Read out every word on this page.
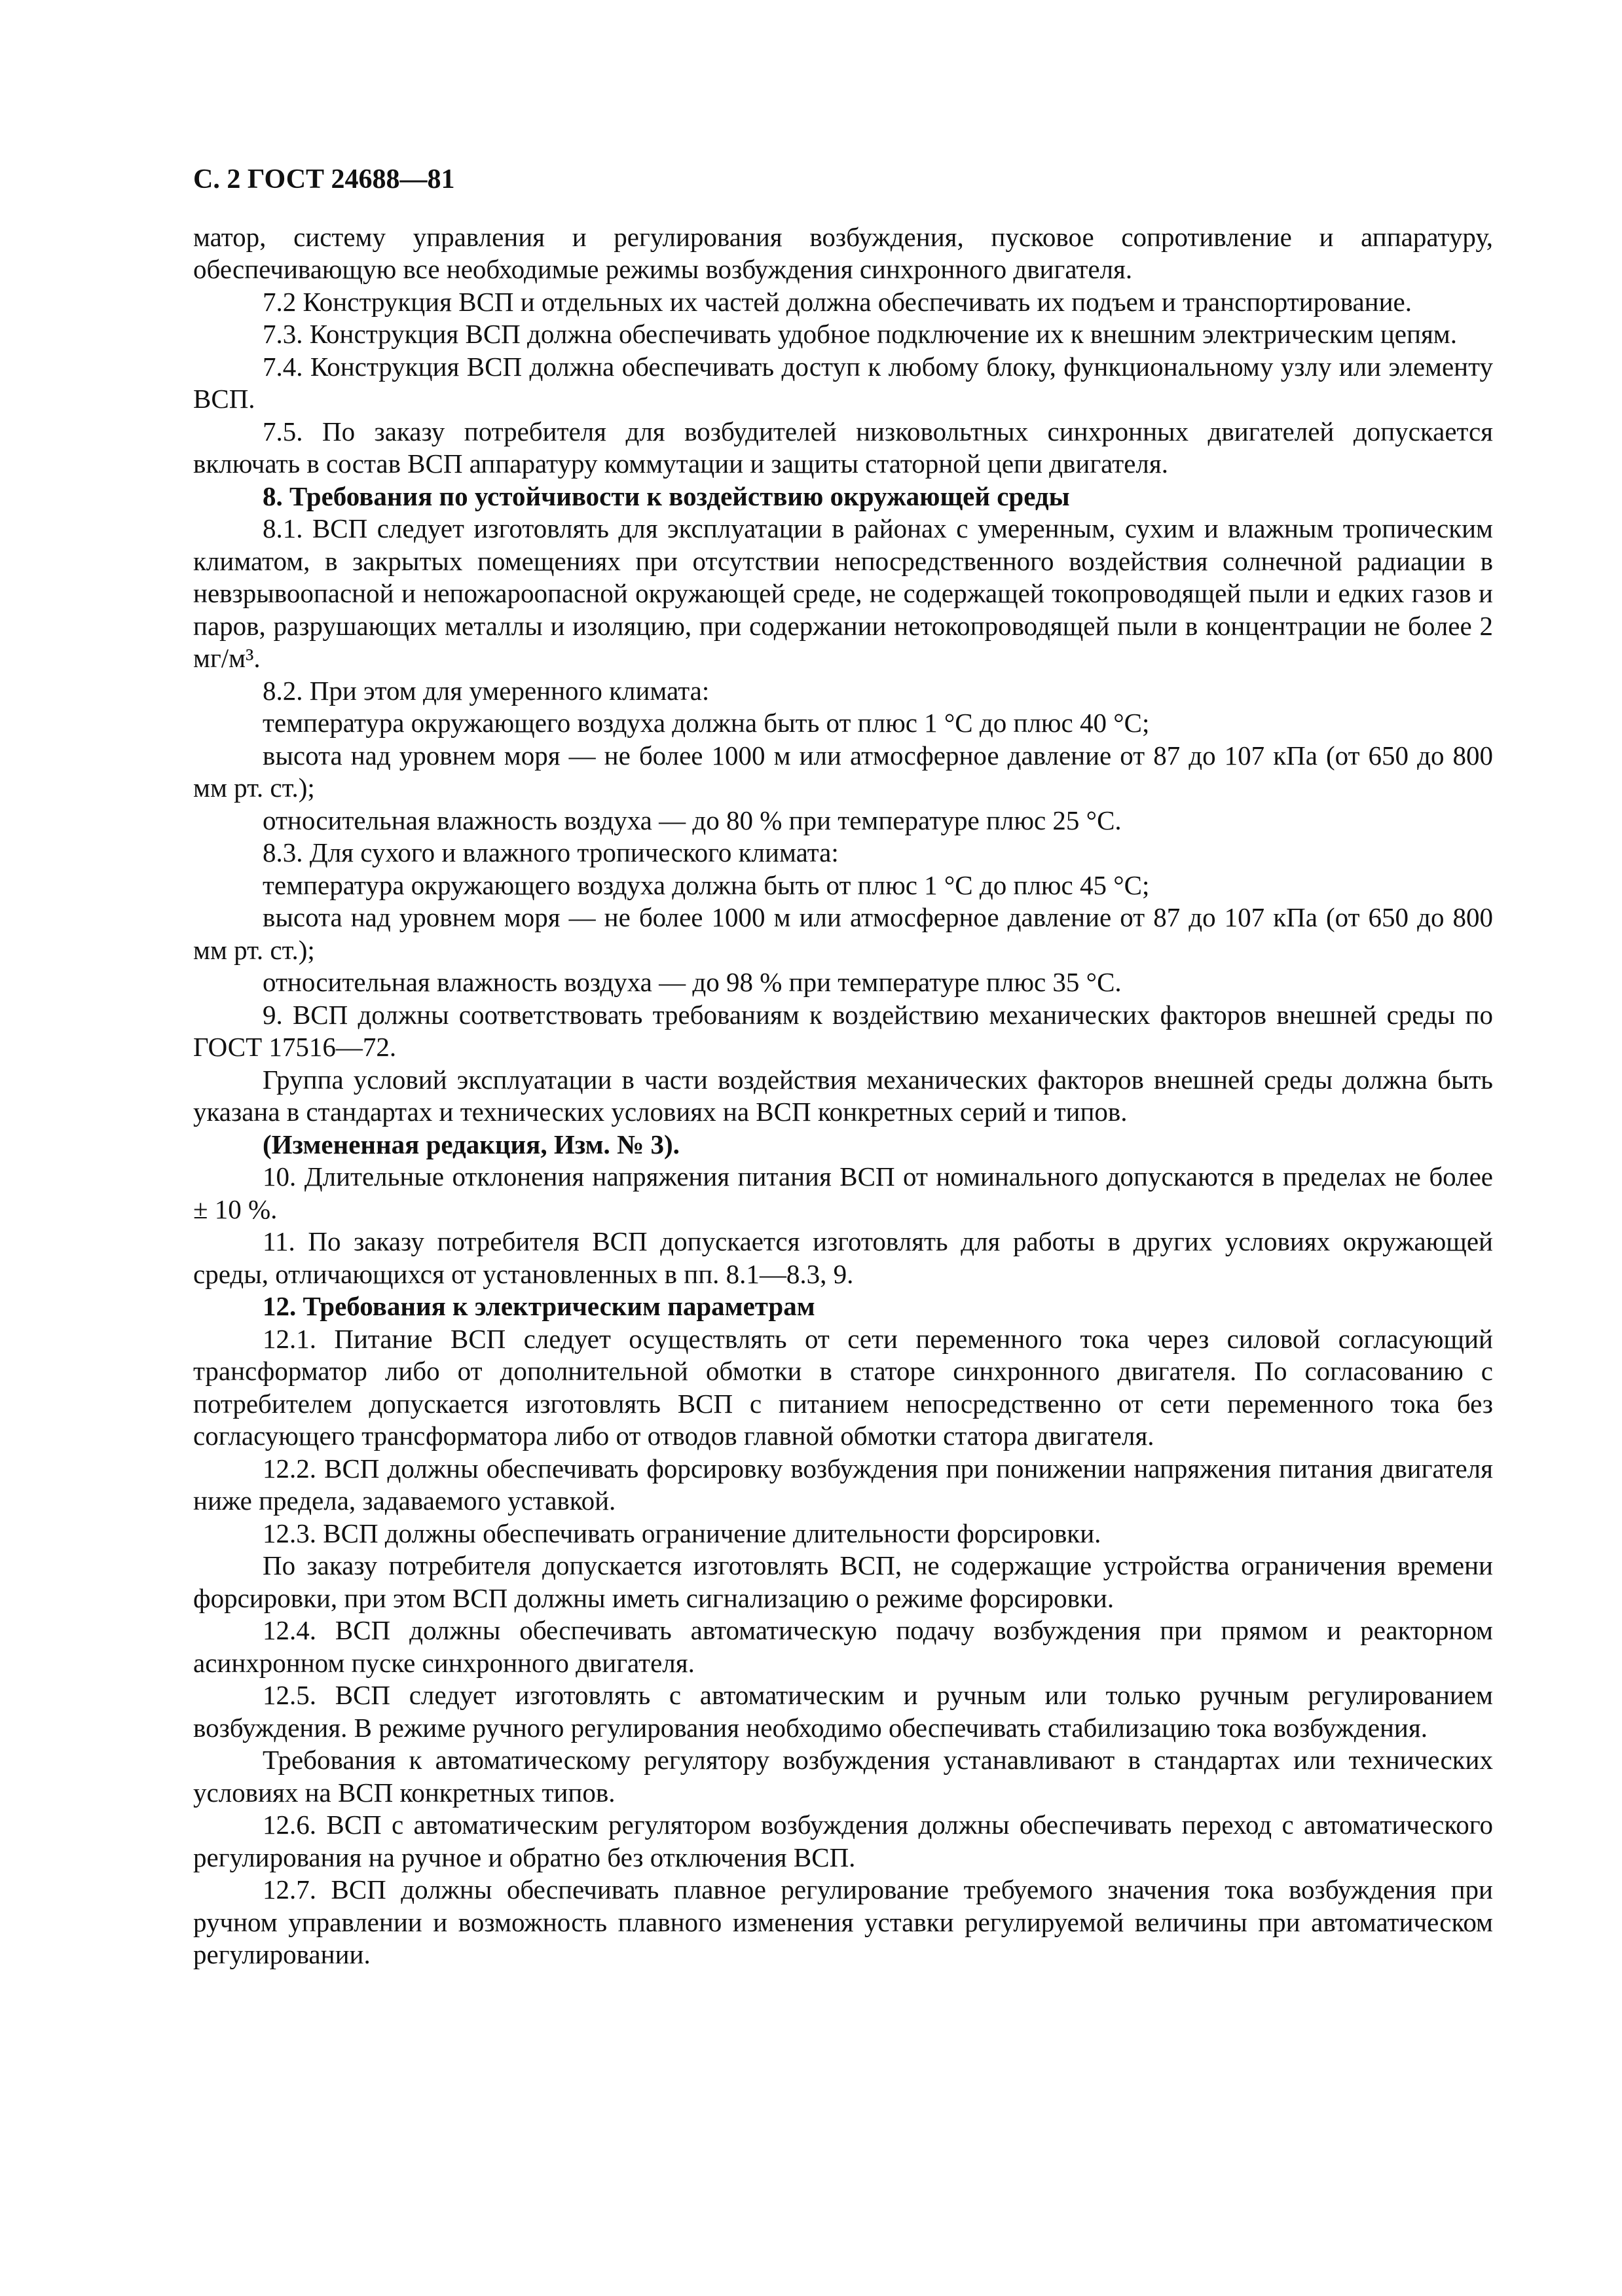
С. 2 ГОСТ 24688—81

матор, систему управления и регулирования возбуждения, пусковое сопротивление и аппаратуру, обеспечивающую все необходимые режимы возбуждения синхронного двигателя.

7.2 Конструкция ВСП и отдельных их частей должна обеспечивать их подъем и транспортирование.

7.3. Конструкция ВСП должна обеспечивать удобное подключение их к внешним электрическим цепям.

7.4. Конструкция ВСП должна обеспечивать доступ к любому блоку, функциональному узлу или элементу ВСП.

7.5. По заказу потребителя для возбудителей низковольтных синхронных двигателей допускается включать в состав ВСП аппаратуру коммутации и защиты статорной цепи двигателя.

8. Требования по устойчивости к воздействию окружающей среды

8.1. ВСП следует изготовлять для эксплуатации в районах с умеренным, сухим и влажным тропическим климатом, в закрытых помещениях при отсутствии непосредственного воздействия солнечной радиации в невзрывоопасной и непожароопасной окружающей среде, не содержащей токопроводящей пыли и едких газов и паров, разрушающих металлы и изоляцию, при содержании нетокопроводящей пыли в концентрации не более 2 мг/м³.

8.2. При этом для умеренного климата:

температура окружающего воздуха должна быть от плюс 1 °С до плюс 40 °С;

высота над уровнем моря — не более 1000 м или атмосферное давление от 87 до 107 кПа (от 650 до 800 мм рт. ст.);

относительная влажность воздуха — до 80 % при температуре плюс 25 °С.

8.3. Для сухого и влажного тропического климата:

температура окружающего воздуха должна быть от плюс 1 °С до плюс 45 °С;

высота над уровнем моря — не более 1000 м или атмосферное давление от 87 до 107 кПа (от 650 до 800 мм рт. ст.);

относительная влажность воздуха — до 98 % при температуре плюс 35 °С.

9. ВСП должны соответствовать требованиям к воздействию механических факторов внешней среды по ГОСТ 17516—72.

Группа условий эксплуатации в части воздействия механических факторов внешней среды должна быть указана в стандартах и технических условиях на ВСП конкретных серий и типов.

(Измененная редакция, Изм. № 3).

10. Длительные отклонения напряжения питания ВСП от номинального допускаются в пределах не более ± 10 %.

11. По заказу потребителя ВСП допускается изготовлять для работы в других условиях окружающей среды, отличающихся от установленных в пп. 8.1—8.3, 9.

12. Требования к электрическим параметрам

12.1. Питание ВСП следует осуществлять от сети переменного тока через силовой согласующий трансформатор либо от дополнительной обмотки в статоре синхронного двигателя. По согласованию с потребителем допускается изготовлять ВСП с питанием непосредственно от сети переменного тока без согласующего трансформатора либо от отводов главной обмотки статора двигателя.

12.2. ВСП должны обеспечивать форсировку возбуждения при понижении напряжения питания двигателя ниже предела, задаваемого уставкой.

12.3. ВСП должны обеспечивать ограничение длительности форсировки.

По заказу потребителя допускается изготовлять ВСП, не содержащие устройства ограничения времени форсировки, при этом ВСП должны иметь сигнализацию о режиме форсировки.

12.4. ВСП должны обеспечивать автоматическую подачу возбуждения при прямом и реакторном асинхронном пуске синхронного двигателя.

12.5. ВСП следует изготовлять с автоматическим и ручным или только ручным регулированием возбуждения. В режиме ручного регулирования необходимо обеспечивать стабилизацию тока возбуждения.

Требования к автоматическому регулятору возбуждения устанавливают в стандартах или технических условиях на ВСП конкретных типов.

12.6. ВСП с автоматическим регулятором возбуждения должны обеспечивать переход с автоматического регулирования на ручное и обратно без отключения ВСП.

12.7. ВСП должны обеспечивать плавное регулирование требуемого значения тока возбуждения при ручном управлении и возможность плавного изменения уставки регулируемой величины при автоматическом регулировании.
